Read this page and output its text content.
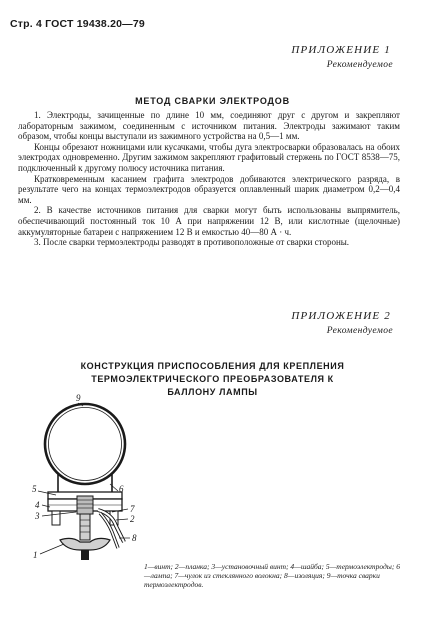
Стр. 4 ГОСТ 19438.20—79
ПРИЛОЖЕНИЕ 1
Рекомендуемое
МЕТОД СВАРКИ ЭЛЕКТРОДОВ

1. Электроды, зачищенные по длине 10 мм, соединяют друг с другом и закрепляют лабораторным зажимом, соединенным с источником питания. Электроды зажимают таким образом, чтобы концы выступали из зажимного устройства на 0,5—1 мм.

Концы обрезают ножницами или кусачками, чтобы дуга электросварки образовалась на обоих электродах одновременно. Другим зажимом закрепляют графитовый стержень по ГОСТ 8538—75, подключенный к другому полюсу источника питания.

Кратковременным касанием графита электродов добиваются электрического разряда, в результате чего на концах термоэлектродов образуется оплавленный шарик диаметром 0,2—0,4 мм.

2. В качестве источников питания для сварки могут быть использованы выпрямитель, обеспечивающий постоянный ток 10 А при напряжении 12 В, или кислотные (щелочные) аккумуляторные батареи с напряжением 12 В и емкостью 40—80 А · ч.

3. После сварки термоэлектроды разводят в противоположные от сварки стороны.

ПРИЛОЖЕНИЕ 2
Рекомендуемое
КОНСТРУКЦИЯ ПРИСПОСОБЛЕНИЯ ДЛЯ КРЕПЛЕНИЯ
ТЕРМОЭЛЕКТРИЧЕСКОГО ПРЕОБРАЗОВАТЕЛЯ К
БАЛЛОНУ ЛАМПЫ
9
5	6
4
3
7
2
8
1
1—винт; 2—планка; 3—установочный винт; 4—шайба; 5—термоэлектроды; 6—лампа; 7—чулок из стеклянного волокна; 8—изоляция; 9—точка сварки термоэлектродов.
